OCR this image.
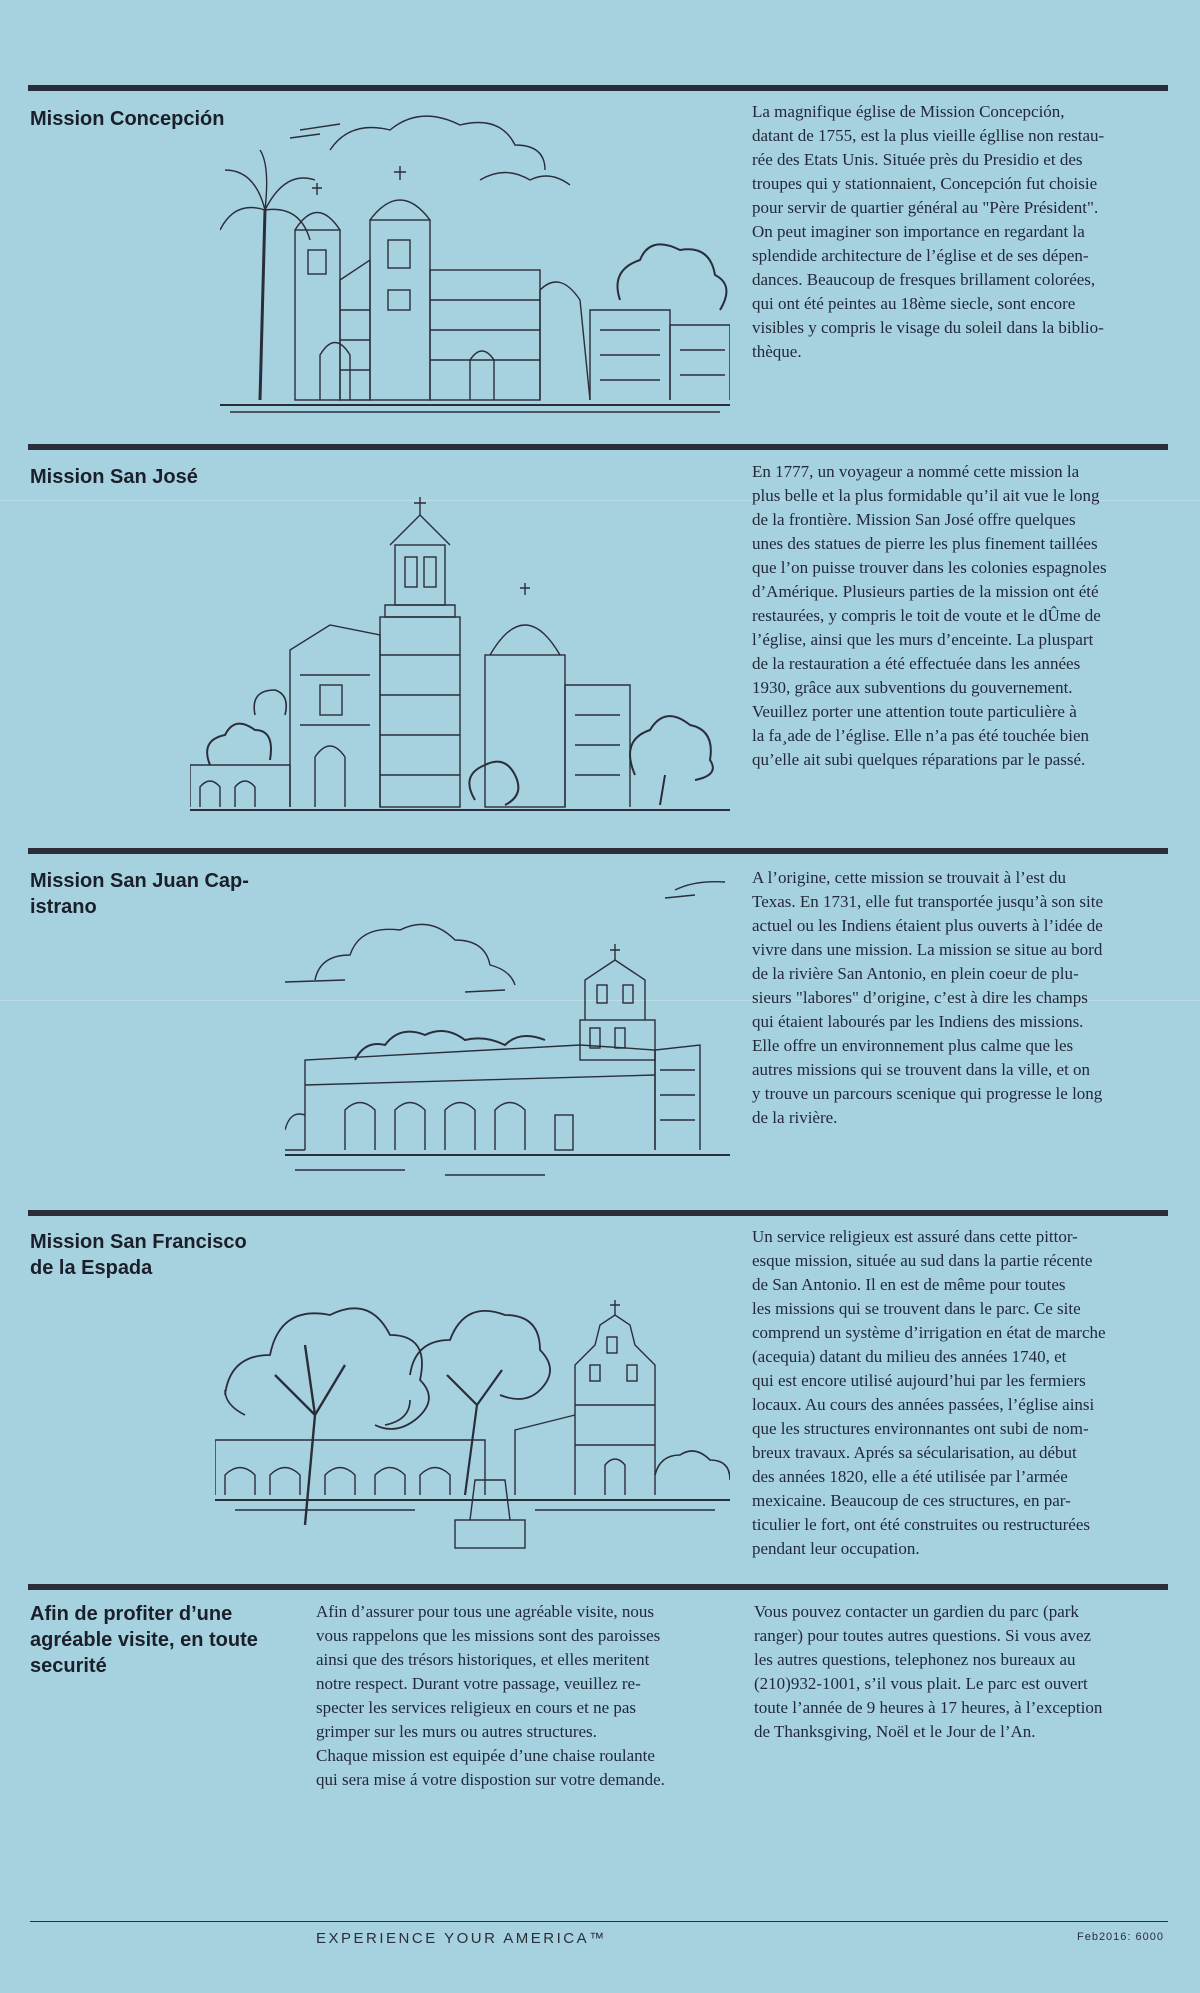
Mission Concepción	La magnifique église de Mission Concepción,
datant de 1755, est la plus vieille égllise non restau-
rée des Etats Unis. Située près du Presidio et des
troupes qui y stationnaient, Concepción fut choisie
pour servir de quartier général au "Père Président".
On peut imaginer son importance en regardant la
splendide architecture de l’église et de ses dépen-
dances. Beaucoup de fresques brillament colorées,
qui ont été peintes au 18ème siecle, sont encore
visibles y compris le visage du soleil dans la biblio-
thèque.
Mission San José	En 1777, un voyageur a nommé cette mission la
plus belle et la plus formidable qu’il ait vue le long
de la frontière. Mission San José offre quelques
unes des statues de pierre les plus finement taillées
que l’on puisse trouver dans les colonies espagnoles
d’Amérique. Plusieurs parties de la mission ont été
restaurées, y compris le toit de voute et le dÛme de
l’église, ainsi que les murs d’enceinte. La pluspart
de la restauration a été effectuée dans les années
1930, grâce aux subventions du gouvernement.
Veuillez porter une attention toute particulière à
la fa¸ade de l’église. Elle n’a pas été touchée bien
qu’elle ait subi quelques réparations par le passé.
Mission San Juan Cap-
istrano
A l’origine, cette mission se trouvait à l’est du
Texas. En 1731, elle fut transportée jusqu’à son site
actuel ou les Indiens étaient plus ouverts à l’idée de
vivre dans une mission. La mission se situe au bord
de la rivière San Antonio, en plein coeur de plu-
sieurs "labores" d’origine, c’est à dire les champs
qui étaient labourés par les Indiens des missions.
Elle offre un environnement plus calme que les
autres missions qui se trouvent dans la ville, et on
y trouve un parcours scenique qui progresse le long
de la rivière.
Mission San Francisco
de la Espada
Un service religieux est assuré dans cette pittor-
esque mission, située au sud dans la partie récente
de San Antonio. Il en est de même pour toutes
les missions qui se trouvent dans le parc. Ce site
comprend un système d’irrigation en état de marche
(acequia) datant du milieu des années 1740, et
qui est encore utilisé aujourd’hui par les fermiers
locaux. Au cours des années passées, l’église ainsi
que les structures environnantes ont subi de nom-
breux travaux. Aprés sa sécularisation, au début
des années 1820, elle a été utilisée par l’armée
mexicaine. Beaucoup de ces structures, en par-
ticulier le fort, ont été construites ou restructurées
pendant leur occupation.
Afin de profiter d’une
agréable visite, en toute
securité
Afin d’assurer pour tous une agréable visite, nous
vous rappelons que les missions sont des paroisses
ainsi que des trésors historiques, et elles meritent
notre respect. Durant votre passage, veuillez re-
specter les services religieux en cours et ne pas
grimper sur les murs ou autres structures.
Chaque mission est equipée d’une chaise roulante
qui sera mise á votre dispostion sur votre demande.
Vous pouvez contacter un gardien du parc (park
ranger) pour toutes autres questions. Si vous avez
les autres questions, telephonez nos bureaux au
(210)932-1001, s’il vous plait. Le parc est ouvert
toute l’année de 9 heures à 17 heures, à l’exception
de Thanksgiving, Noël et le Jour de l’An.
EXPERIENCE YOUR AMERICA™	Feb2016: 6000
